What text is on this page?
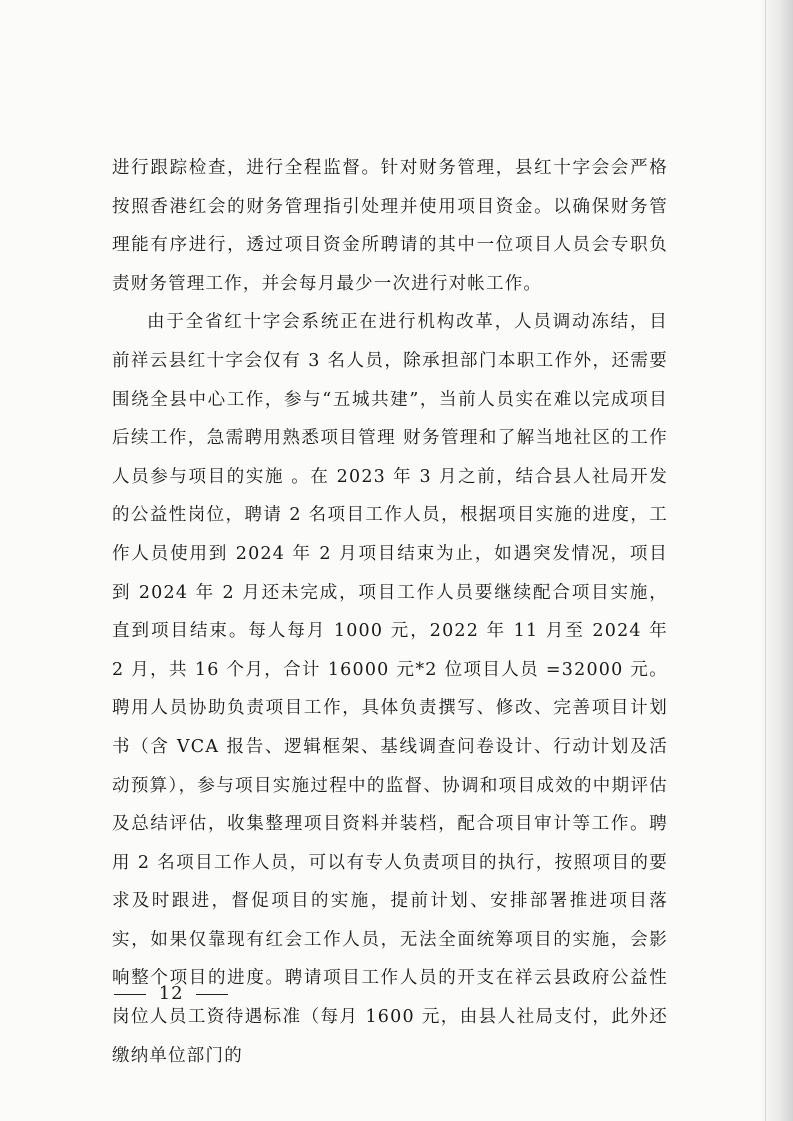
进行跟踪检查，进行全程监督。针对财务管理，县红十字会会严格按照香港红会的财务管理指引处理并使用项目资金。以确保财务管理能有序进行，透过项目资金所聘请的其中一位项目人员会专职负责财务管理工作，并会每月最少一次进行对帐工作。

由于全省红十字会系统正在进行机构改革，人员调动冻结，目前祥云县红十字会仅有 3 名人员，除承担部门本职工作外，还需要围绕全县中心工作，参与“五城共建”，当前人员实在难以完成项目后续工作，急需聘用熟悉项目管理 财务管理和了解当地社区的工作人员参与项目的实施 。在 2023 年 3 月之前，结合县人社局开发的公益性岗位，聘请 2 名项目工作人员，根据项目实施的进度，工作人员使用到 2024 年 2 月项目结束为止，如遇突发情况，项目到 2024 年 2 月还未完成，项目工作人员要继续配合项目实施，直到项目结束。每人每月 1000 元，2022 年 11 月至 2024 年 2 月，共 16 个月，合计 16000 元*2 位项目人员 =32000 元。聘用人员协助负责项目工作，具体负责撰写、修改、完善项目计划书（含 VCA 报告、逻辑框架、基线调查问卷设计、行动计划及活动预算），参与项目实施过程中的监督、协调和项目成效的中期评估及总结评估，收集整理项目资料并装档，配合项目审计等工作。聘用 2 名项目工作人员，可以有专人负责项目的执行，按照项目的要求及时跟进，督促项目的实施，提前计划、安排部署推进项目落实，如果仅靠现有红会工作人员，无法全面统筹项目的实施，会影响整个项目的进度。聘请项目工作人员的开支在祥云县政府公益性岗位人员工资待遇标准（每月 1600 元，由县人社局支付，此外还缴纳单位部门的

12
